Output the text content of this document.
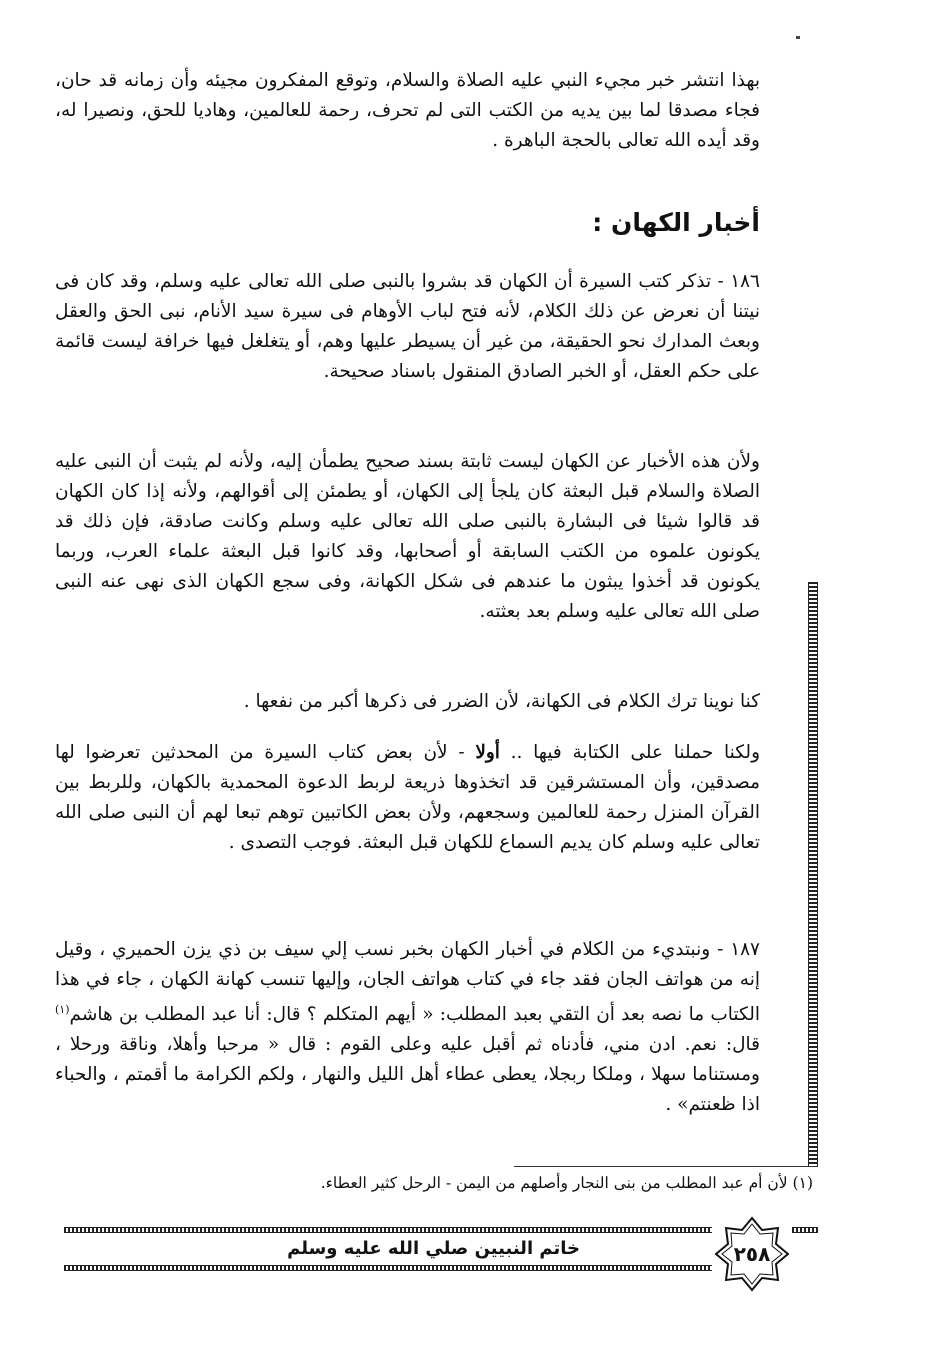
بهذا انتشر خبر مجيء النبي عليه الصلاة والسلام، وتوقع المفكرون مجيئه وأن زمانه قد حان، فجاء مصدقا لما بين يديه من الكتب التى لم تحرف، رحمة للعالمين، وهاديا للحق، ونصيرا له، وقد أيده الله تعالى بالحجة الباهرة .

أخبار الكهان :

١٨٦ - تذكر كتب السيرة أن الكهان قد بشروا بالنبى صلى الله تعالى عليه وسلم، وقد كان فى نيتنا أن نعرض عن ذلك الكلام، لأنه فتح لباب الأوهام فى سيرة سيد الأنام، نبى الحق والعقل وبعث المدارك نحو الحقيقة، من غير أن يسيطر عليها وهم، أو يتغلغل فيها خرافة ليست قائمة على حكم العقل، أو الخبر الصادق المنقول باسناد صحيحة.

ولأن هذه الأخبار عن الكهان ليست ثابتة بسند صحيح يطمأن إليه، ولأنه لم يثبت أن النبى عليه الصلاة والسلام قبل البعثة كان يلجأ إلى الكهان، أو يطمئن إلى أقوالهم، ولأنه إذا كان الكهان قد قالوا شيئا فى البشارة بالنبى صلى الله تعالى عليه وسلم وكانت صادقة، فإن ذلك قد يكونون علموه من الكتب السابقة أو أصحابها، وقد كانوا قبل البعثة علماء العرب، وربما يكونون قد أخذوا يبثون ما عندهم فى شكل الكهانة، وفى سجع الكهان الذى نهى عنه النبى صلى الله تعالى عليه وسلم بعد بعثته.

كنا نوينا ترك الكلام فى الكهانة، لأن الضرر فى ذكرها أكبر من نفعها .

ولكنا حملنا على الكتابة فيها .. أولا - لأن بعض كتاب السيرة من المحدثين تعرضوا لها مصدقين، وأن المستشرقين قد اتخذوها ذريعة لربط الدعوة المحمدية بالكهان، وللربط بين القرآن المنزل رحمة للعالمين وسجعهم، ولأن بعض الكاتبين توهم تبعا لهم أن النبى صلى الله تعالى عليه وسلم كان يديم السماع للكهان قبل البعثة. فوجب التصدى .

١٨٧ - ونبتديء من الكلام في أخبار الكهان بخبر نسب إلي سيف بن ذي يزن الحميري ، وقيل إنه من هواتف الجان فقد جاء في كتاب هواتف الجان، وإليها تنسب كهانة الكهان ، جاء في هذا الكتاب ما نصه بعد أن التقي بعبد المطلب: « أيهم المتكلم ؟ قال: أنا عبد المطلب بن هاشم$^{(١)}$ قال: نعم. ادن مني، فأدناه ثم أقبل عليه وعلى القوم : قال « مرحبا وأهلا، وناقة ورحلا ، ومستناما سهلا ، وملكا ربجلا، يعطى عطاء أهل الليل والنهار ، ولكم الكرامة ما أقمتم ، والحباء اذا ظعنتم» .

(١) لأن أم عبد المطلب من بنى النجار وأصلهم من اليمن - الرحل كثير العطاء.

٢٥٨

خاتم النبيين صلي الله عليه وسلم
